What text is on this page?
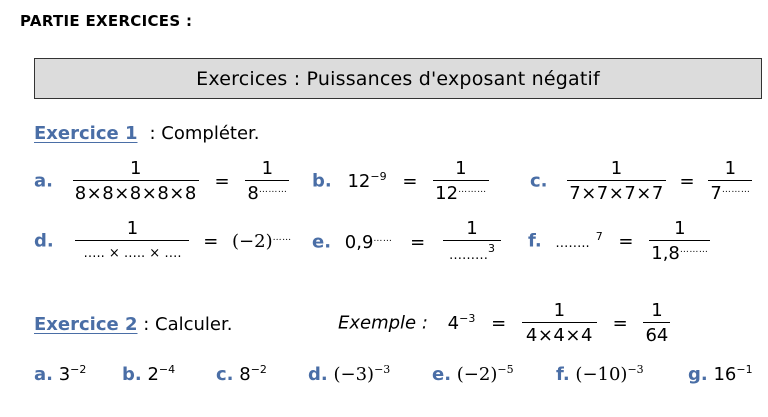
PARTIE EXERCICES :
Exercices : Puissances d'exposant négatif
Exercice 1 : Compléter.
a. $\frac{1}{8\times 8\times 8\times 8\times 8} = \frac{1}{8^{\dots\dots\dots}} b$. $12^{-9} = \frac{1}{12^{\dots\dots\dots}} c$. $\frac{1}{7\times 7\times 7\times 7} = \frac{1}{7^{\dots\dots\dots}}$
d. $\frac{1}{\dots.. \times \dots.. \times \dots.} = (-2)^{\dots\dots}$ e. $0,9^{\dots\dots} = \frac{1}{\dots\dots\dots^3} f$. …….. $^7 = \frac{1}{1,8^{\dots\dots\dots}}$
Exercice 2 : Calculer.	Exemple : $4^{-3} = \frac{1}{4\times 4\times 4} = \frac{1}{64}$
a. $3^{-2}$ b. $2^{-4}$ c. $8^{-2}$ d. $(-3)^{-3}$ e. $(-2)^{-5}$ f. $(-10)^{-3}$ g. $16^{-1}$
